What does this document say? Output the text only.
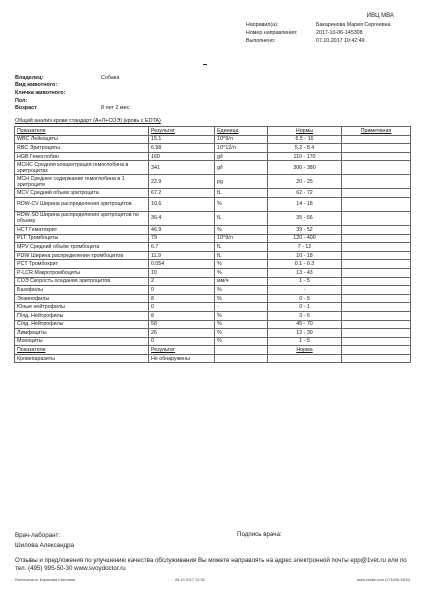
ИВЦ МВА
Направил(а):	Бакаринова Мария Сергеевна
Номер направления:	2017-10-06-145308
Выполнено:	07.10.2017 10:42:49
Владелец:	Собака
Вид животного:
Кличка животного:
Пол:
Возраст	8 лет 2 мес
Общий анализ крови стандарт (А+Л+СОЭ) (кровь с EDTA)
Показатели	Результат	Единица	Нормы	Примечания
WBC Лейкоциты	15.1	10^9/л	6.5 - 16	
RBC Эритроциты	6.98	10^12/л	5.2 - 8.4	
HGB Гемоглобин	160	g/l	110 - 170	
MCHC Средняя концентрация гемоглобина в эритроцитах	341	g/l	300 - 380	
MCH Среднее содержание гемоглобина в 1 эритроците	22.9	pg	20 - 25	
MCV Средний объем эритроцита	67.2	fL	62 - 72	
RDW-CV Ширина распределения эритроцитов	10.6	%	14 - 18	
RDW-SD Ширина распределения эритроцитов по объему	36.4	fL	35 - 56	
HCT Гематокрит	46.9	%	39 - 52	
PLT Тромбоциты	79	10^9/л	120 - 400	
MPV Средний объём тромбоцита	6.7	fL	7 - 12	
PDW Ширина распределения тромбоцитов	11.9	fL	10 - 18	
PCT Тромбокрит	0.054	%	0.1 - 0.3	
P-LCR Макротромбоциты	10	%	13 - 43	
СОЭ Скорость оседания эритроцитов	2	мм/ч	1 - 5	
Базофилы	0	%	-	
Эозинофилы	8	%	0 - 5	
Юные нейтрофилы	0	-	0 - 1	
П/яд. Нейтрофилы	8	%	3 - 6	
С/яд. Нейтрофилы	58	%	45 - 70	
Лимфоциты	26	%	12 - 30	
Моноциты	0	%	1 - 5	
Показатели	Результат		Норма	
Кровепаразиты	Не обнаружены			
Врач-лаборант:
Шилова Александра
Подпись врача:
Отзывы и предложения по улучшению качества обслуживания Вы можете направлять на адрес электронной почты epp@1vet.ru или по тел. (495) 995-50-30 www.svoydoctor.ru
Распечатала: Бирюкова Светлана	09.10.2017 12:38	www.vetals.com (171006-1500)
